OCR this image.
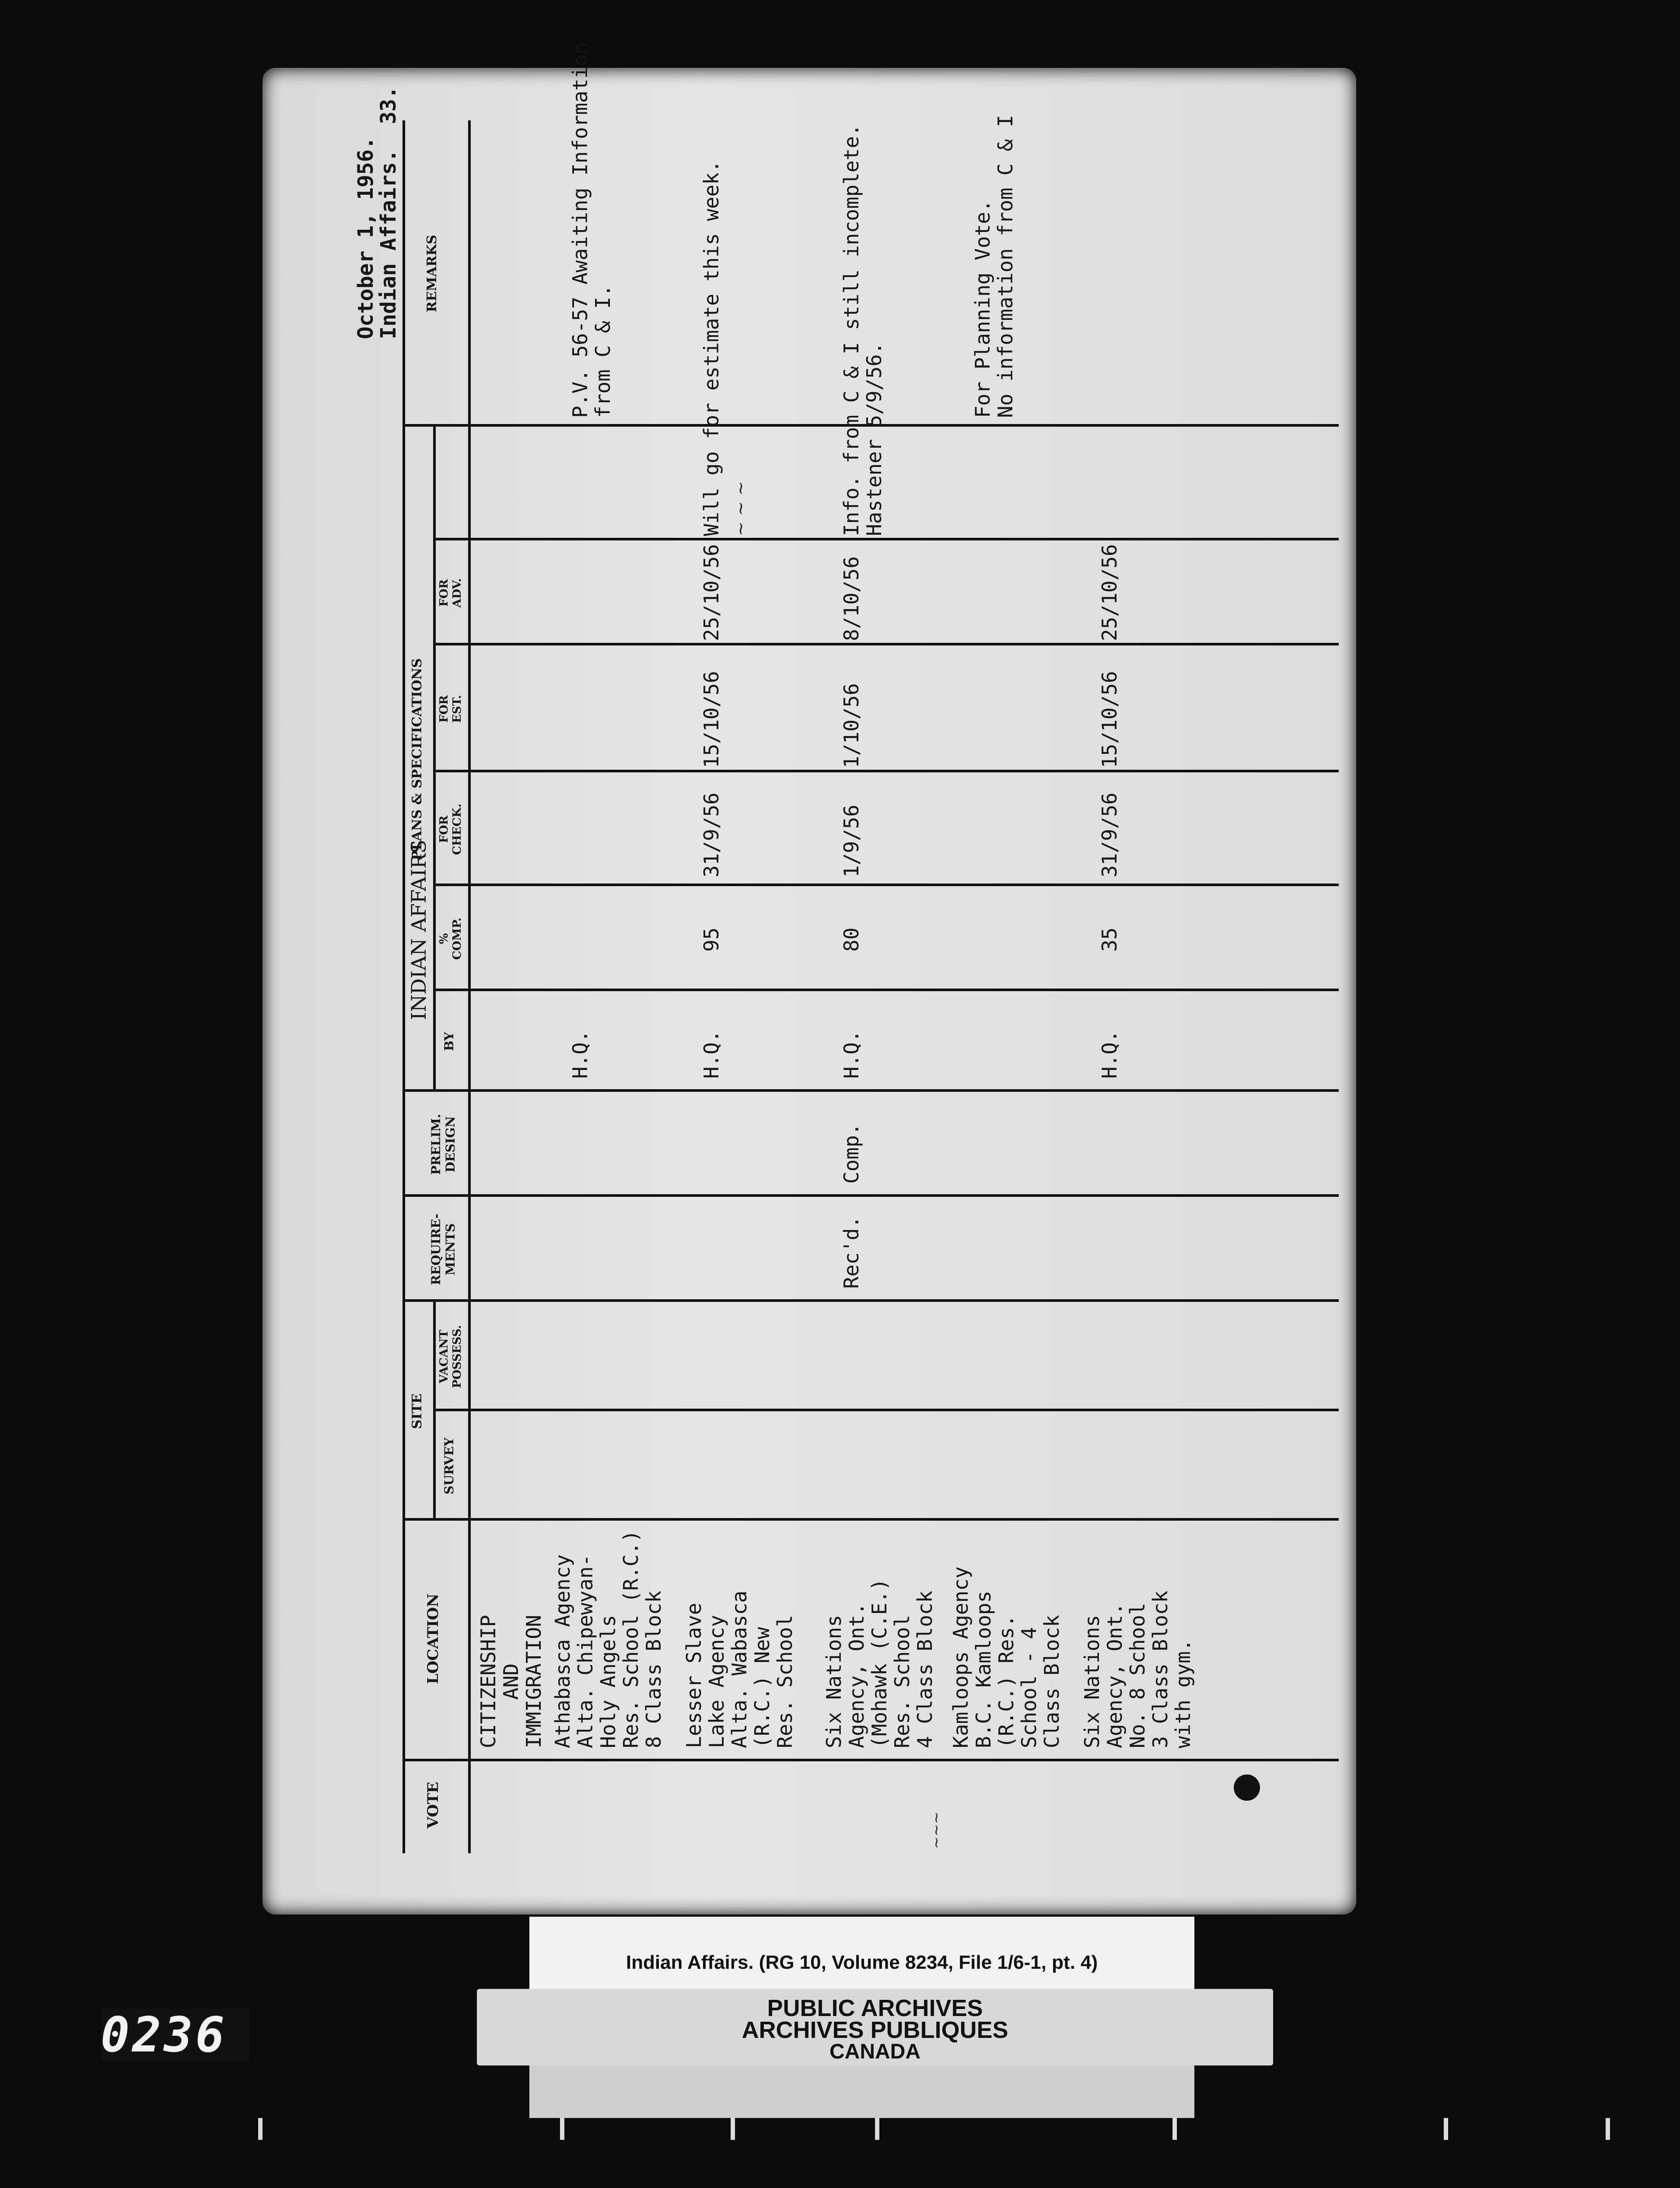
October 1, 1956.
Indian Affairs.  33.
INDIAN AFFAIRS
VOTE
LOCATION
SITE
SURVEY
VACANT
POSSESS.
REQUIRE-
MENTS
PRELIM.
DESIGN
PLANS & SPECIFICATIONS
BY
%
COMP.
FOR
CHECK.
FOR
EST.
FOR
ADV.
REMARKS
CITIZENSHIP
AND
IMMIGRATION Athabasca Agency
Alta. Chipewyan-
Holy Angels
Res. School (R.C.)
8 Class Block
H.Q.
P.V. 56-57 Awaiting Information
from C & I.
Lesser Slave
Lake Agency
Alta. Wabasca
(R.C.) New
Res. School
H.Q.
95
31/9/56
15/10/56
25/10/56
Will go for estimate this week. ~ ~ ~
Six Nations
Agency, Ont.
(Mohawk (C.E.)
Res. School
4 Class Block
Rec'd.
Comp.
H.Q.
80
1/9/56
1/10/56
8/10/56
Info. from C & I still incomplete.
Hastener 5/9/56.
Kamloops Agency
B.C. Kamloops
(R.C.) Res.
School - 4
Class Block
For Planning Vote.
No information from C & I
Six Nations
Agency, Ont.
No. 8 School
3 Class Block
with gym.
H.Q.
35
31/9/56
15/10/56
25/10/56
~~~
Indian Affairs. (RG 10, Volume 8234, File 1/6-1, pt. 4)
PUBLIC ARCHIVES
ARCHIVES PUBLIQUES
CANADA
0236
